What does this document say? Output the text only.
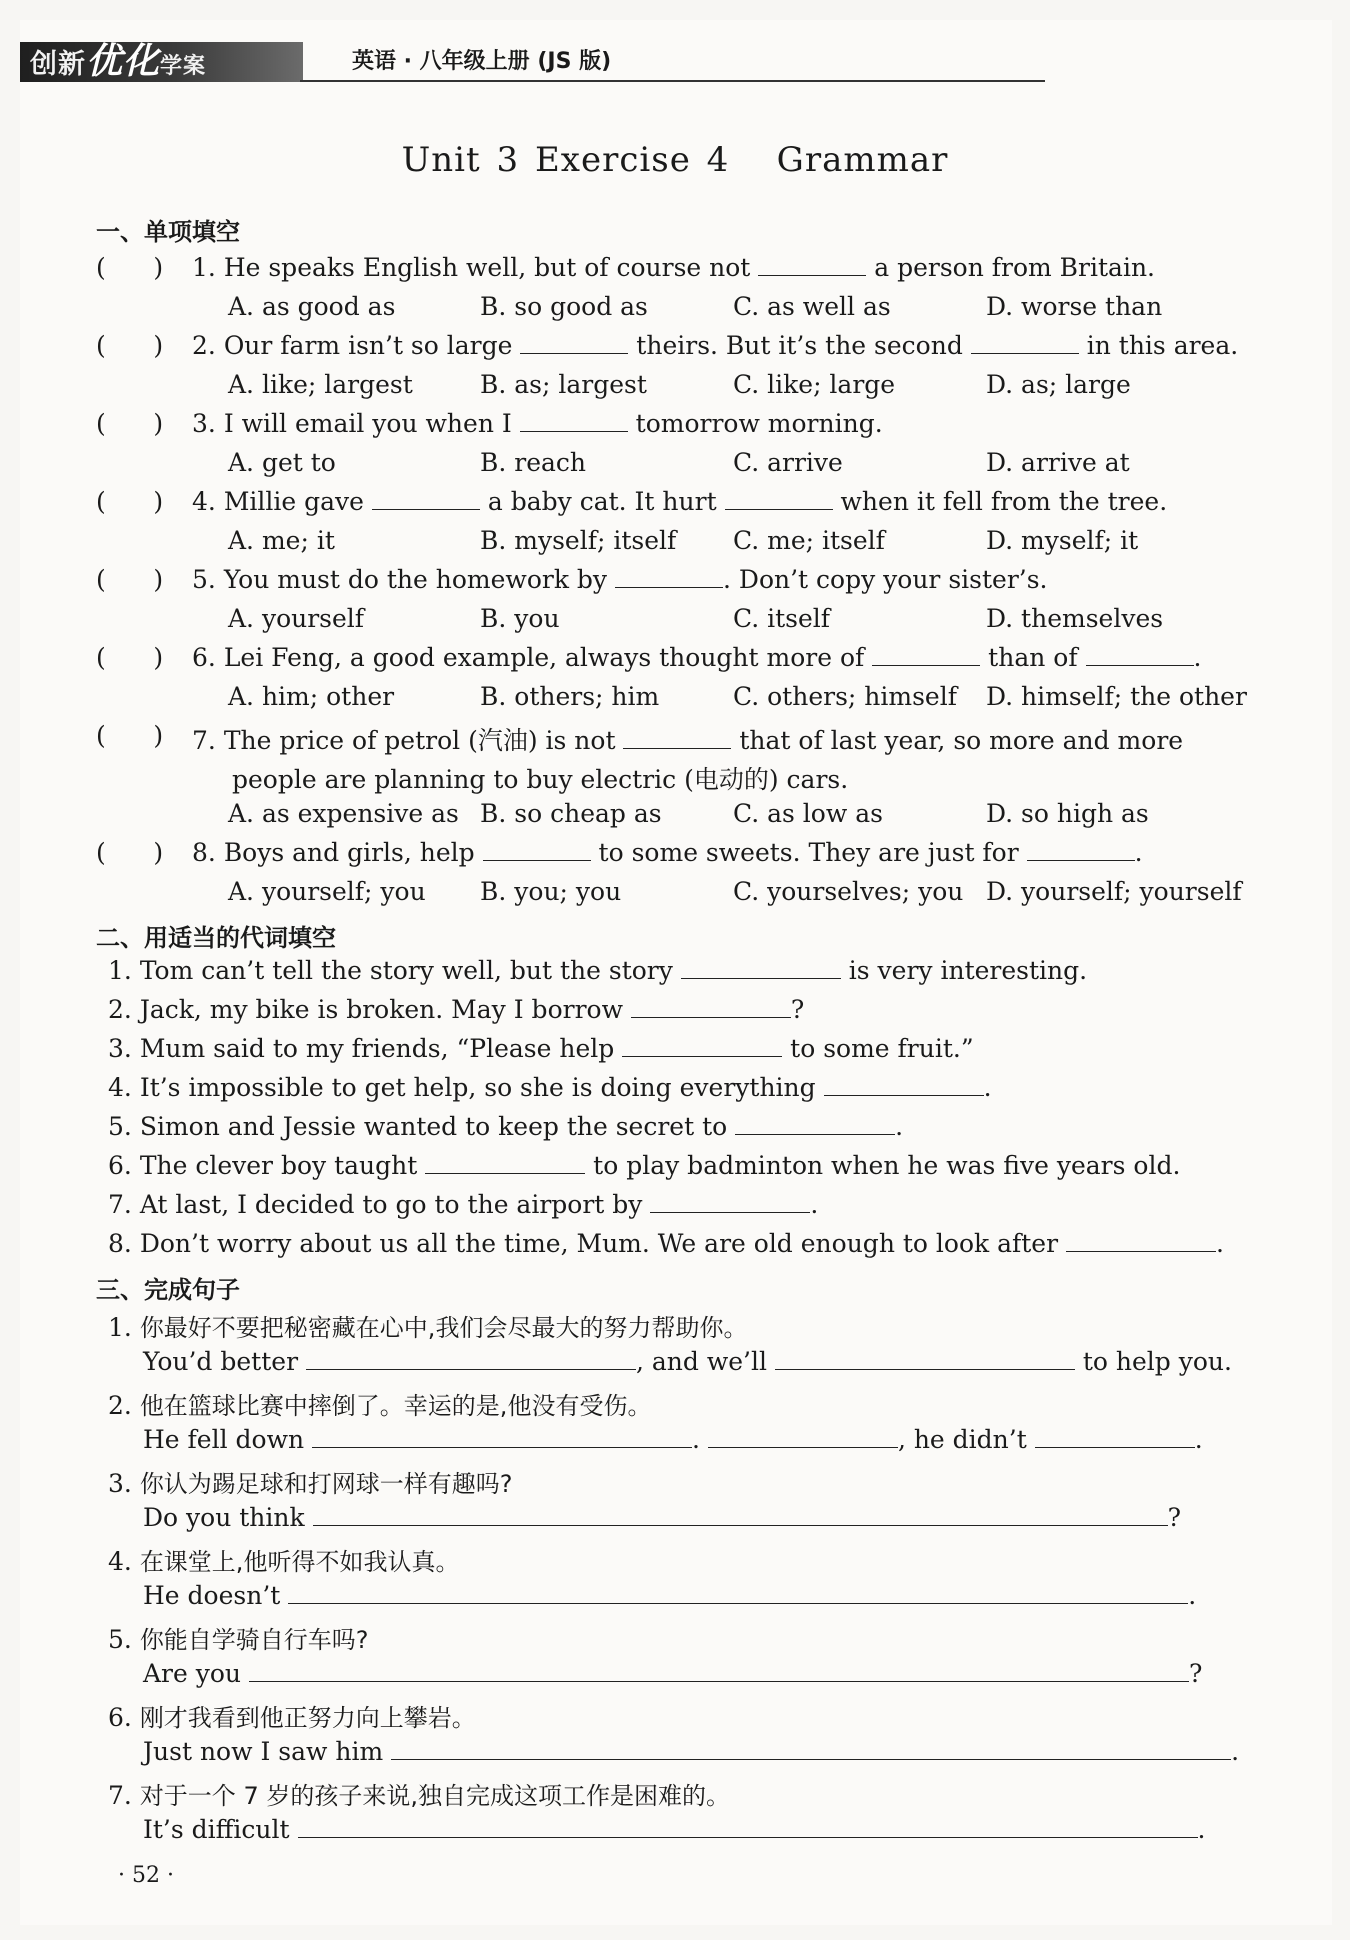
创新优化学案	英语 · 八年级上册 (JS 版)
Unit 3 Exercise 4   Grammar
一、单项填空
(      ) 1. He speaks English well, but of course not	a person from Britain.
A. as good as	B. so good as	C. as well as	D. worse than
(      ) 2. Our farm isn’t so large	theirs. But it’s the second	in this area.
A. like; largest	B. as; largest	C. like; large	D. as; large
(      ) 3. I will email you when I	tomorrow morning.
A. get to	B. reach	C. arrive	D. arrive at
(      ) 4. Millie gave	a baby cat. It hurt	when it fell from the tree.
A. me; it	B. myself; itself C. me; itself	D. myself; it
(      ) 5. You must do the homework by	. Don’t copy your sister’s.
A. yourself	B. you	C. itself	D. themselves
(      ) 6. Lei Feng, a good example, always thought more of	than of	.
A. him; other	B. others; him	C. others; himself D. himself; the other
(      ) 7. The price of petrol (汽油) is not	that of last year, so more and more
people are planning to buy electric (电动的) cars.
A. as expensive as B. so cheap as	C. as low as	D. so high as
(      ) 8. Boys and girls, help	to some sweets. They are just for	.
A. yourself; you B. you; you	C. yourselves; you D. yourself; yourself
二、用适当的代词填空
1. Tom can’t tell the story well, but the story	is very interesting.
2. Jack, my bike is broken. May I borrow	?
3. Mum said to my friends, “Please help	to some fruit.”
4. It’s impossible to get help, so she is doing everything	.
5. Simon and Jessie wanted to keep the secret to	.
6. The clever boy taught	to play badminton when he was five years old.
7. At last, I decided to go to the airport by	.
8. Don’t worry about us all the time, Mum. We are old enough to look after	.
三、完成句子
1. 你最好不要把秘密藏在心中,我们会尽最大的努力帮助你。
You’d better	, and we’ll	to help you.
2. 他在篮球比赛中摔倒了。幸运的是,他没有受伤。
He fell down	.	, he didn’t	.
3. 你认为踢足球和打网球一样有趣吗?
Do you think	?
4. 在课堂上,他听得不如我认真。
He doesn’t	.
5. 你能自学骑自行车吗?
Are you	?
6. 刚才我看到他正努力向上攀岩。
Just now I saw him	.
7. 对于一个 7 岁的孩子来说,独自完成这项工作是困难的。
It’s difficult	.
· 52 ·
